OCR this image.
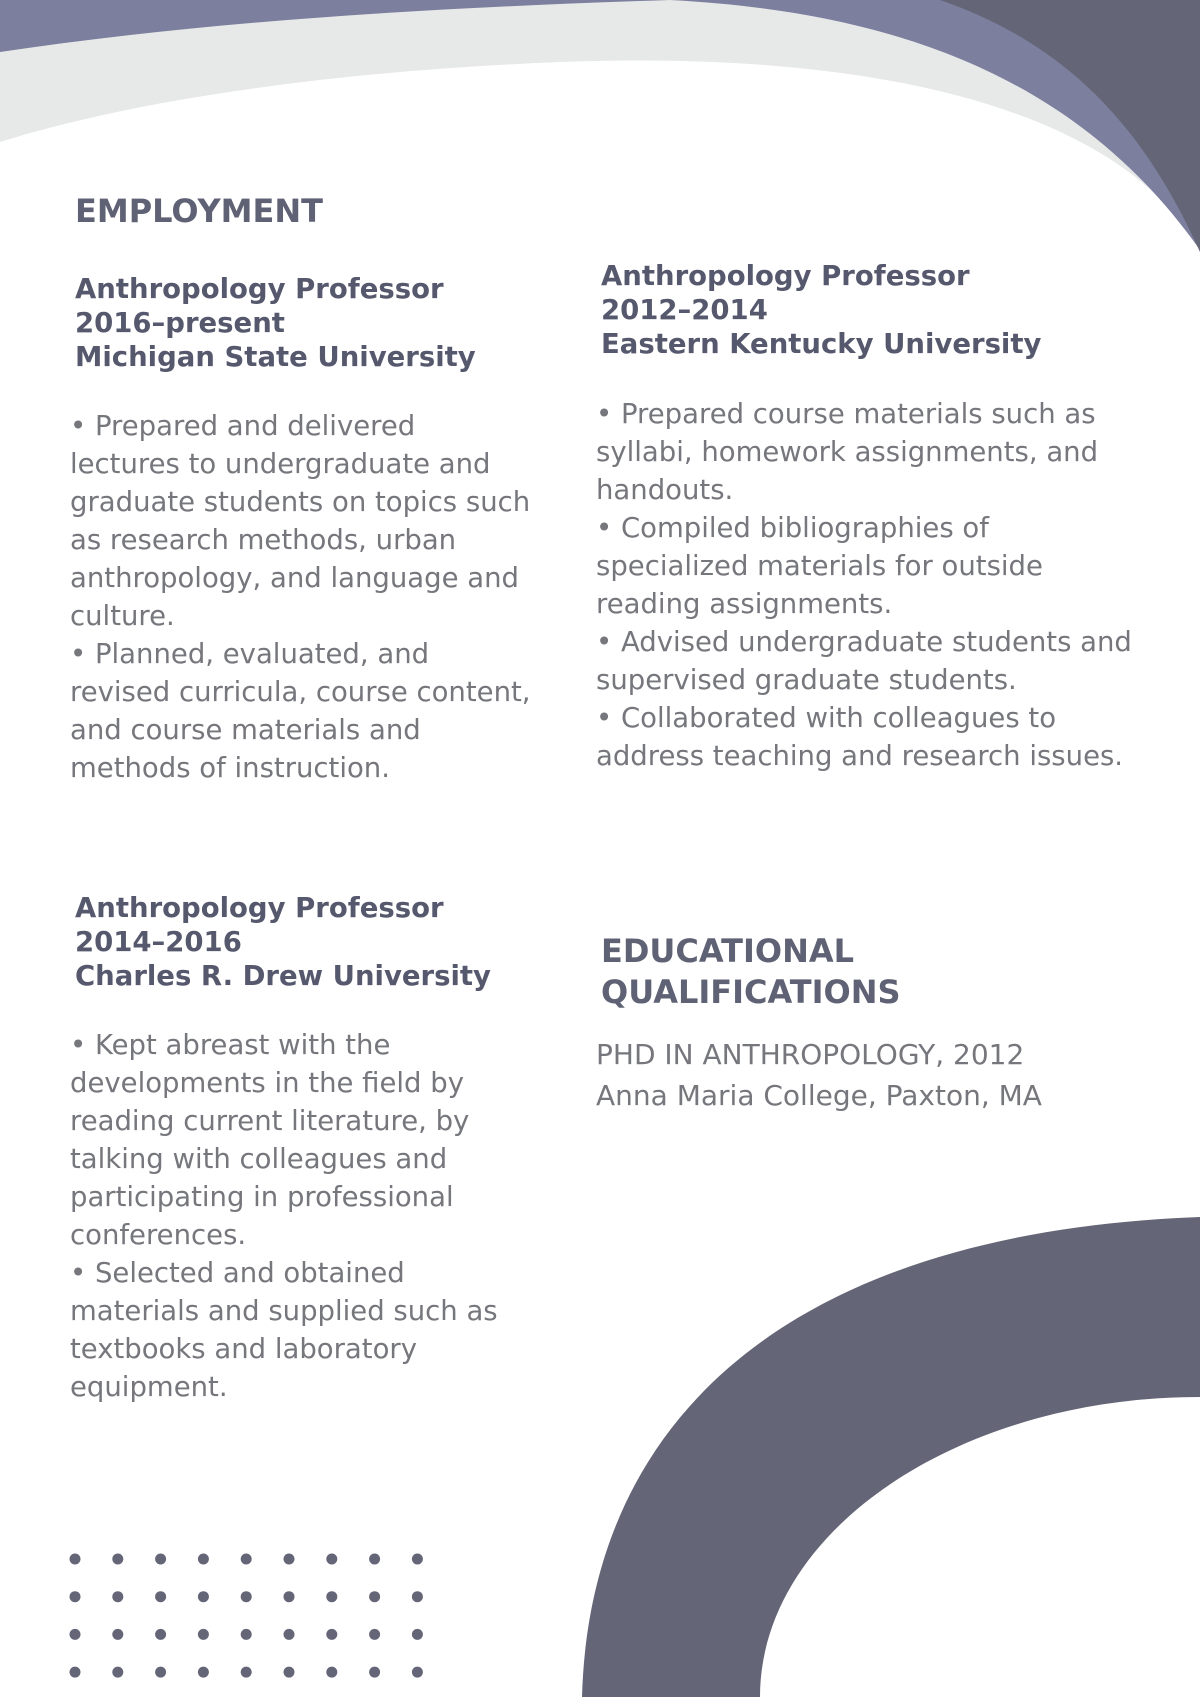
EMPLOYMENT
Anthropology Professor
2016–present
Michigan State University

• Prepared and delivered lectures to undergraduate and graduate students on topics such as research methods, urban anthropology, and language and culture.

• Planned, evaluated, and revised curricula, course content, and course materials and methods of instruction.

Anthropology Professor
2012–2014
Eastern Kentucky University

• Prepared course materials such as syllabi, homework assignments, and handouts.

• Compiled bibliographies of specialized materials for outside reading assignments.

• Advised undergraduate students and supervised graduate students.

• Collaborated with colleagues to address teaching and research issues.

Anthropology Professor
2014–2016
Charles R. Drew University

• Kept abreast with the developments in the field by reading current literature, by talking with colleagues and participating in professional conferences.

• Selected and obtained materials and supplied such as textbooks and laboratory equipment.

EDUCATIONAL
QUALIFICATIONS
PHD IN ANTHROPOLOGY, 2012
Anna Maria College, Paxton, MA
